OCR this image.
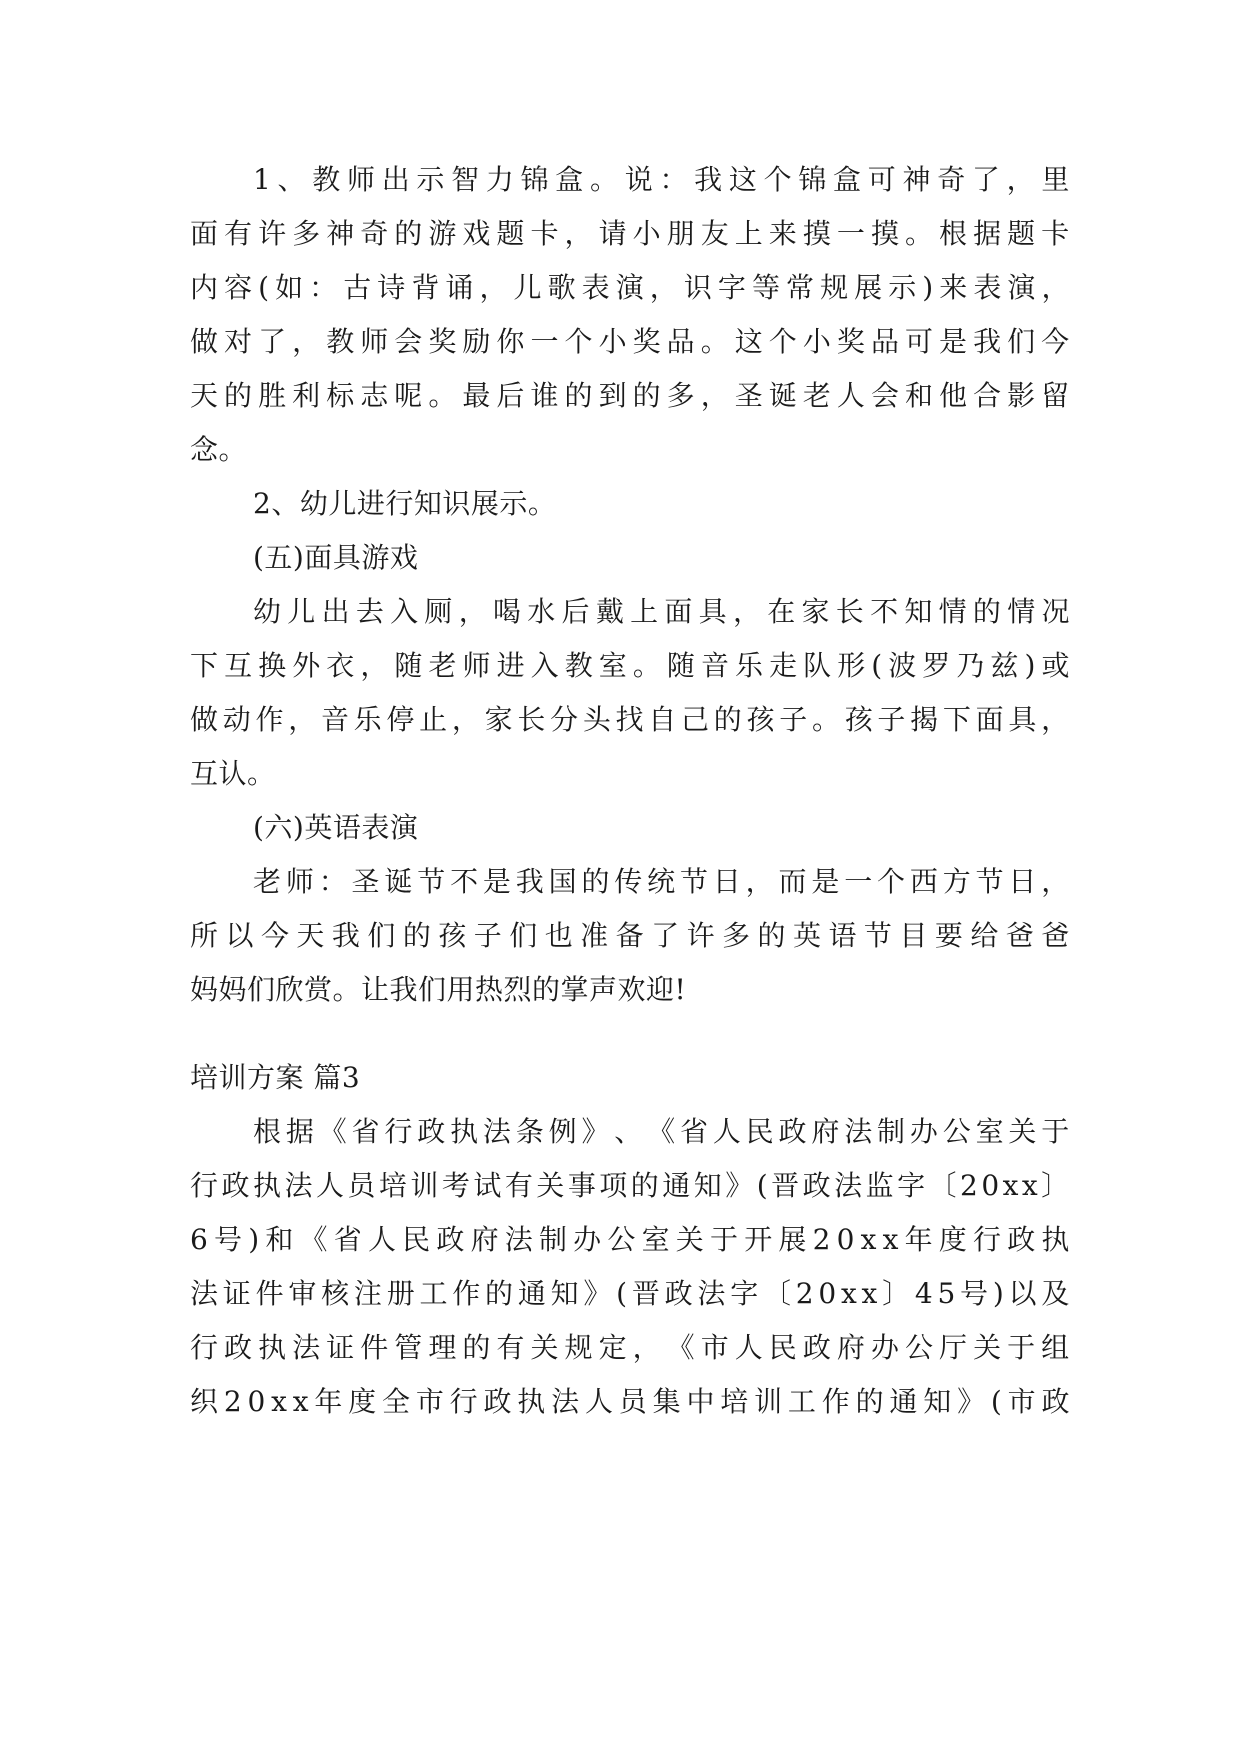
1 、 教 师 出 示 智 力 锦 盒 。 说 ： 我 这 个 锦 盒 可 神 奇 了 ， 里
面 有 许 多 神 奇 的 游 戏 题 卡 ， 请 小 朋 友 上 来 摸 一 摸 。 根 据 题 卡
内 容 ( 如 ： 古 诗 背 诵 ， 儿 歌 表 演 ， 识 字 等 常 规 展 示 ) 来 表 演 ，
做 对 了 ， 教 师 会 奖 励 你 一 个 小 奖 品 。 这 个 小 奖 品 可 是 我 们 今
天 的 胜 利 标 志 呢 。 最 后 谁 的 到 的 多 ， 圣 诞 老 人 会 和 他 合 影 留
念。
2、幼儿进行知识展示。
(五)面具游戏
幼 儿 出 去 入 厕 ， 喝 水 后 戴 上 面 具 ， 在 家 长 不 知 情 的 情 况
下 互 换 外 衣 ， 随 老 师 进 入 教 室 。 随 音 乐 走 队 形 ( 波 罗 乃 兹 ) 或
做 动 作 ， 音 乐 停 止 ， 家 长 分 头 找 自 己 的 孩 子 。 孩 子 揭 下 面 具 ，
互认。
(六)英语表演
老 师 ： 圣 诞 节 不 是 我 国 的 传 统 节 日 ， 而 是 一 个 西 方 节 日 ，
所 以 今 天 我 们 的 孩 子 们 也 准 备 了 许 多 的 英 语 节 目 要 给 爸 爸
妈妈们欣赏。让我们用热烈的掌声欢迎!
培训方案 篇3
根 据 《 省 行 政 执 法 条 例 》 、 《 省 人 民 政 府 法 制 办 公 室 关 于
行 政 执 法 人 员 培 训 考 试 有 关 事 项 的 通 知 》 ( 晋 政 法 监 字 〔 2 0 x x 〕
6 号 ) 和 《 省 人 民 政 府 法 制 办 公 室 关 于 开 展 2 0 x x 年 度 行 政 执
法 证 件 审 核 注 册 工 作 的 通 知 》 ( 晋 政 法 字 〔 2 0 x x 〕 4 5 号 ) 以 及
行 政 执 法 证 件 管 理 的 有 关 规 定 ， 《 市 人 民 政 府 办 公 厅 关 于 组
织 2 0 x x 年 度 全 市 行 政 执 法 人 员 集 中 培 训 工 作 的 通 知 》 ( 市 政
